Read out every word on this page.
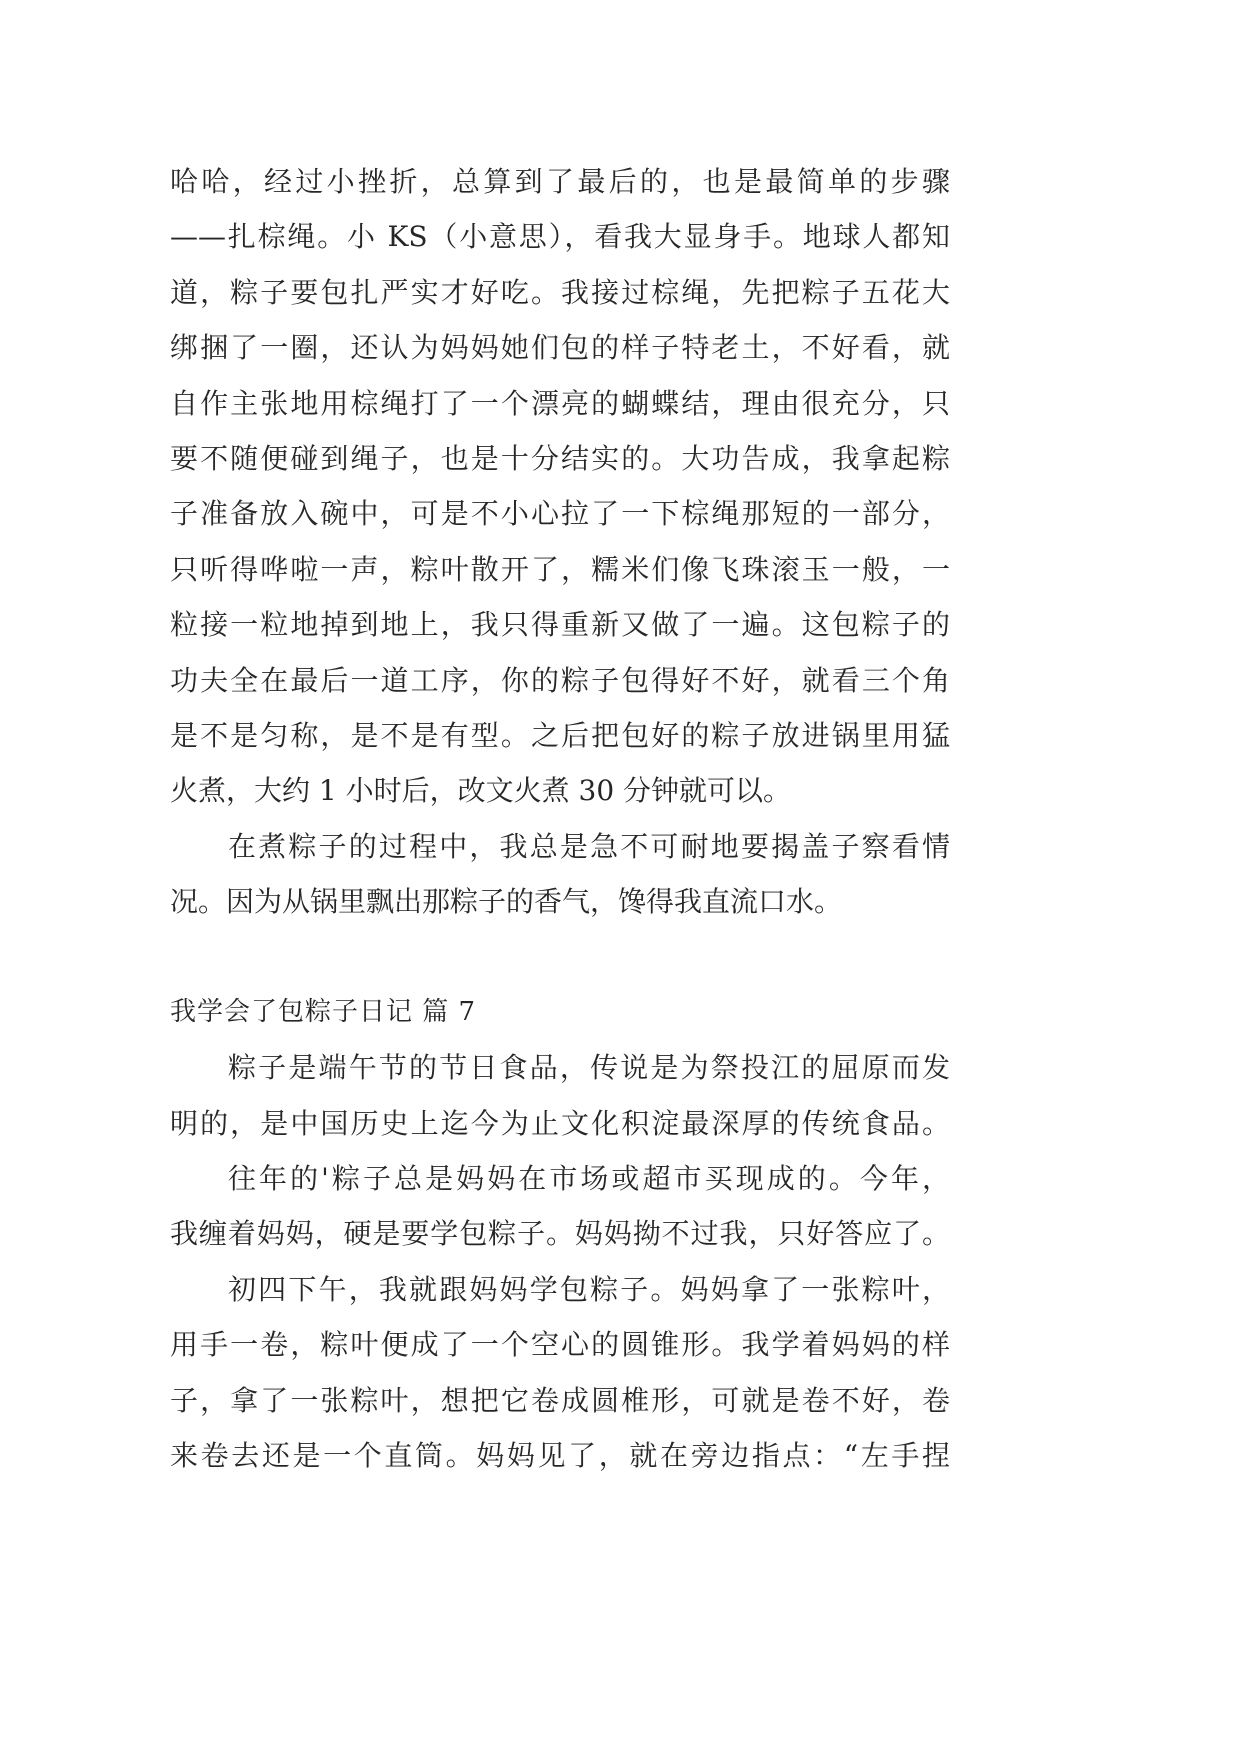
哈哈，经过小挫折，总算到了最后的，也是最简单的步骤
——扎棕绳。小 KS（小意思），看我大显身手。地球人都知
道，粽子要包扎严实才好吃。我接过棕绳，先把粽子五花大
绑捆了一圈，还认为妈妈她们包的样子特老土，不好看，就
自作主张地用棕绳打了一个漂亮的蝴蝶结，理由很充分，只
要不随便碰到绳子，也是十分结实的。大功告成，我拿起粽
子准备放入碗中，可是不小心拉了一下棕绳那短的一部分，
只听得哗啦一声，粽叶散开了，糯米们像飞珠滚玉一般，一
粒接一粒地掉到地上，我只得重新又做了一遍。这包粽子的
功夫全在最后一道工序，你的粽子包得好不好，就看三个角
是不是匀称，是不是有型。之后把包好的粽子放进锅里用猛
火煮，大约 1 小时后，改文火煮 30 分钟就可以。
在煮粽子的过程中，我总是急不可耐地要揭盖子察看情
况。因为从锅里飘出那粽子的香气，馋得我直流口水。
我学会了包粽子日记 篇 7
粽子是端午节的节日食品，传说是为祭投江的屈原而发
明的，是中国历史上迄今为止文化积淀最深厚的传统食品。
往年的'粽子总是妈妈在市场或超市买现成的。今年，
我缠着妈妈，硬是要学包粽子。妈妈拗不过我，只好答应了。
初四下午，我就跟妈妈学包粽子。妈妈拿了一张粽叶，
用手一卷，粽叶便成了一个空心的圆锥形。我学着妈妈的样
子，拿了一张粽叶，想把它卷成圆椎形，可就是卷不好，卷
来卷去还是一个直筒。妈妈见了，就在旁边指点：“左手捏
